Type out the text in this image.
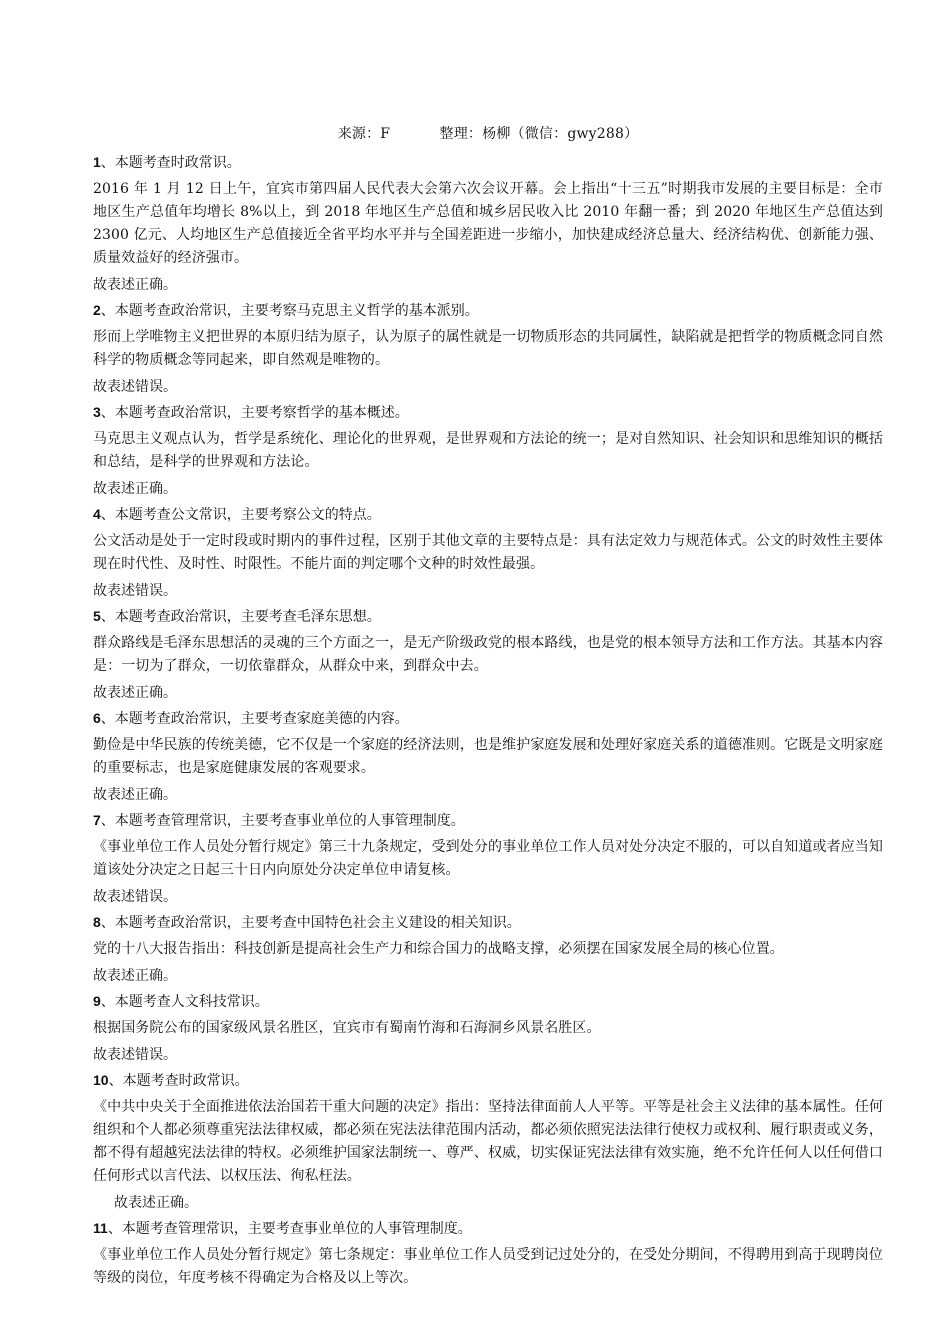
来源：F	整理：杨柳（微信：gwy288）
1、本题考查时政常识。
2016 年 1 月 12 日上午，宜宾市第四届人民代表大会第六次会议开幕。会上指出“十三五”时期我市发展的主要目标是：全市地区生产总值年均增长 8%以上，到 2018 年地区生产总值和城乡居民收入比 2010 年翻一番；到 2020 年地区生产总值达到 2300 亿元、人均地区生产总值接近全省平均水平并与全国差距进一步缩小，加快建成经济总量大、经济结构优、创新能力强、质量效益好的经济强市。
故表述正确。
2、本题考查政治常识，主要考察马克思主义哲学的基本派别。
形而上学唯物主义把世界的本原归结为原子，认为原子的属性就是一切物质形态的共同属性，缺陷就是把哲学的物质概念同自然科学的物质概念等同起来，即自然观是唯物的。
故表述错误。
3、本题考查政治常识，主要考察哲学的基本概述。
马克思主义观点认为，哲学是系统化、理论化的世界观，是世界观和方法论的统一；是对自然知识、社会知识和思维知识的概括和总结，是科学的世界观和方法论。
故表述正确。
4、本题考查公文常识，主要考察公文的特点。
公文活动是处于一定时段或时期内的事件过程，区别于其他文章的主要特点是：具有法定效力与规范体式。公文的时效性主要体现在时代性、及时性、时限性。不能片面的判定哪个文种的时效性最强。
故表述错误。
5、本题考查政治常识，主要考查毛泽东思想。
群众路线是毛泽东思想活的灵魂的三个方面之一，是无产阶级政党的根本路线，也是党的根本领导方法和工作方法。其基本内容是：一切为了群众，一切依靠群众，从群众中来，到群众中去。
故表述正确。
6、本题考查政治常识，主要考查家庭美德的内容。
勤俭是中华民族的传统美德，它不仅是一个家庭的经济法则，也是维护家庭发展和处理好家庭关系的道德准则。它既是文明家庭的重要标志，也是家庭健康发展的客观要求。
故表述正确。
7、本题考查管理常识，主要考查事业单位的人事管理制度。
《事业单位工作人员处分暂行规定》第三十九条规定，受到处分的事业单位工作人员对处分决定不服的，可以自知道或者应当知道该处分决定之日起三十日内向原处分决定单位申请复核。
故表述错误。
8、本题考查政治常识，主要考查中国特色社会主义建设的相关知识。
党的十八大报告指出：科技创新是提高社会生产力和综合国力的战略支撑，必须摆在国家发展全局的核心位置。
故表述正确。
9、本题考查人文科技常识。
根据国务院公布的国家级风景名胜区，宜宾市有蜀南竹海和石海洞乡风景名胜区。
故表述错误。
10、本题考查时政常识。
《中共中央关于全面推进依法治国若干重大问题的决定》指出：坚持法律面前人人平等。平等是社会主义法律的基本属性。任何组织和个人都必须尊重宪法法律权威，都必须在宪法法律范围内活动，都必须依照宪法法律行使权力或权利、履行职责或义务，都不得有超越宪法法律的特权。必须维护国家法制统一、尊严、权威，切实保证宪法法律有效实施，绝不允许任何人以任何借口任何形式以言代法、以权压法、徇私枉法。
故表述正确。
11、本题考查管理常识，主要考查事业单位的人事管理制度。
《事业单位工作人员处分暂行规定》第七条规定：事业单位工作人员受到记过处分的，在受处分期间，不得聘用到高于现聘岗位等级的岗位，年度考核不得确定为合格及以上等次。
